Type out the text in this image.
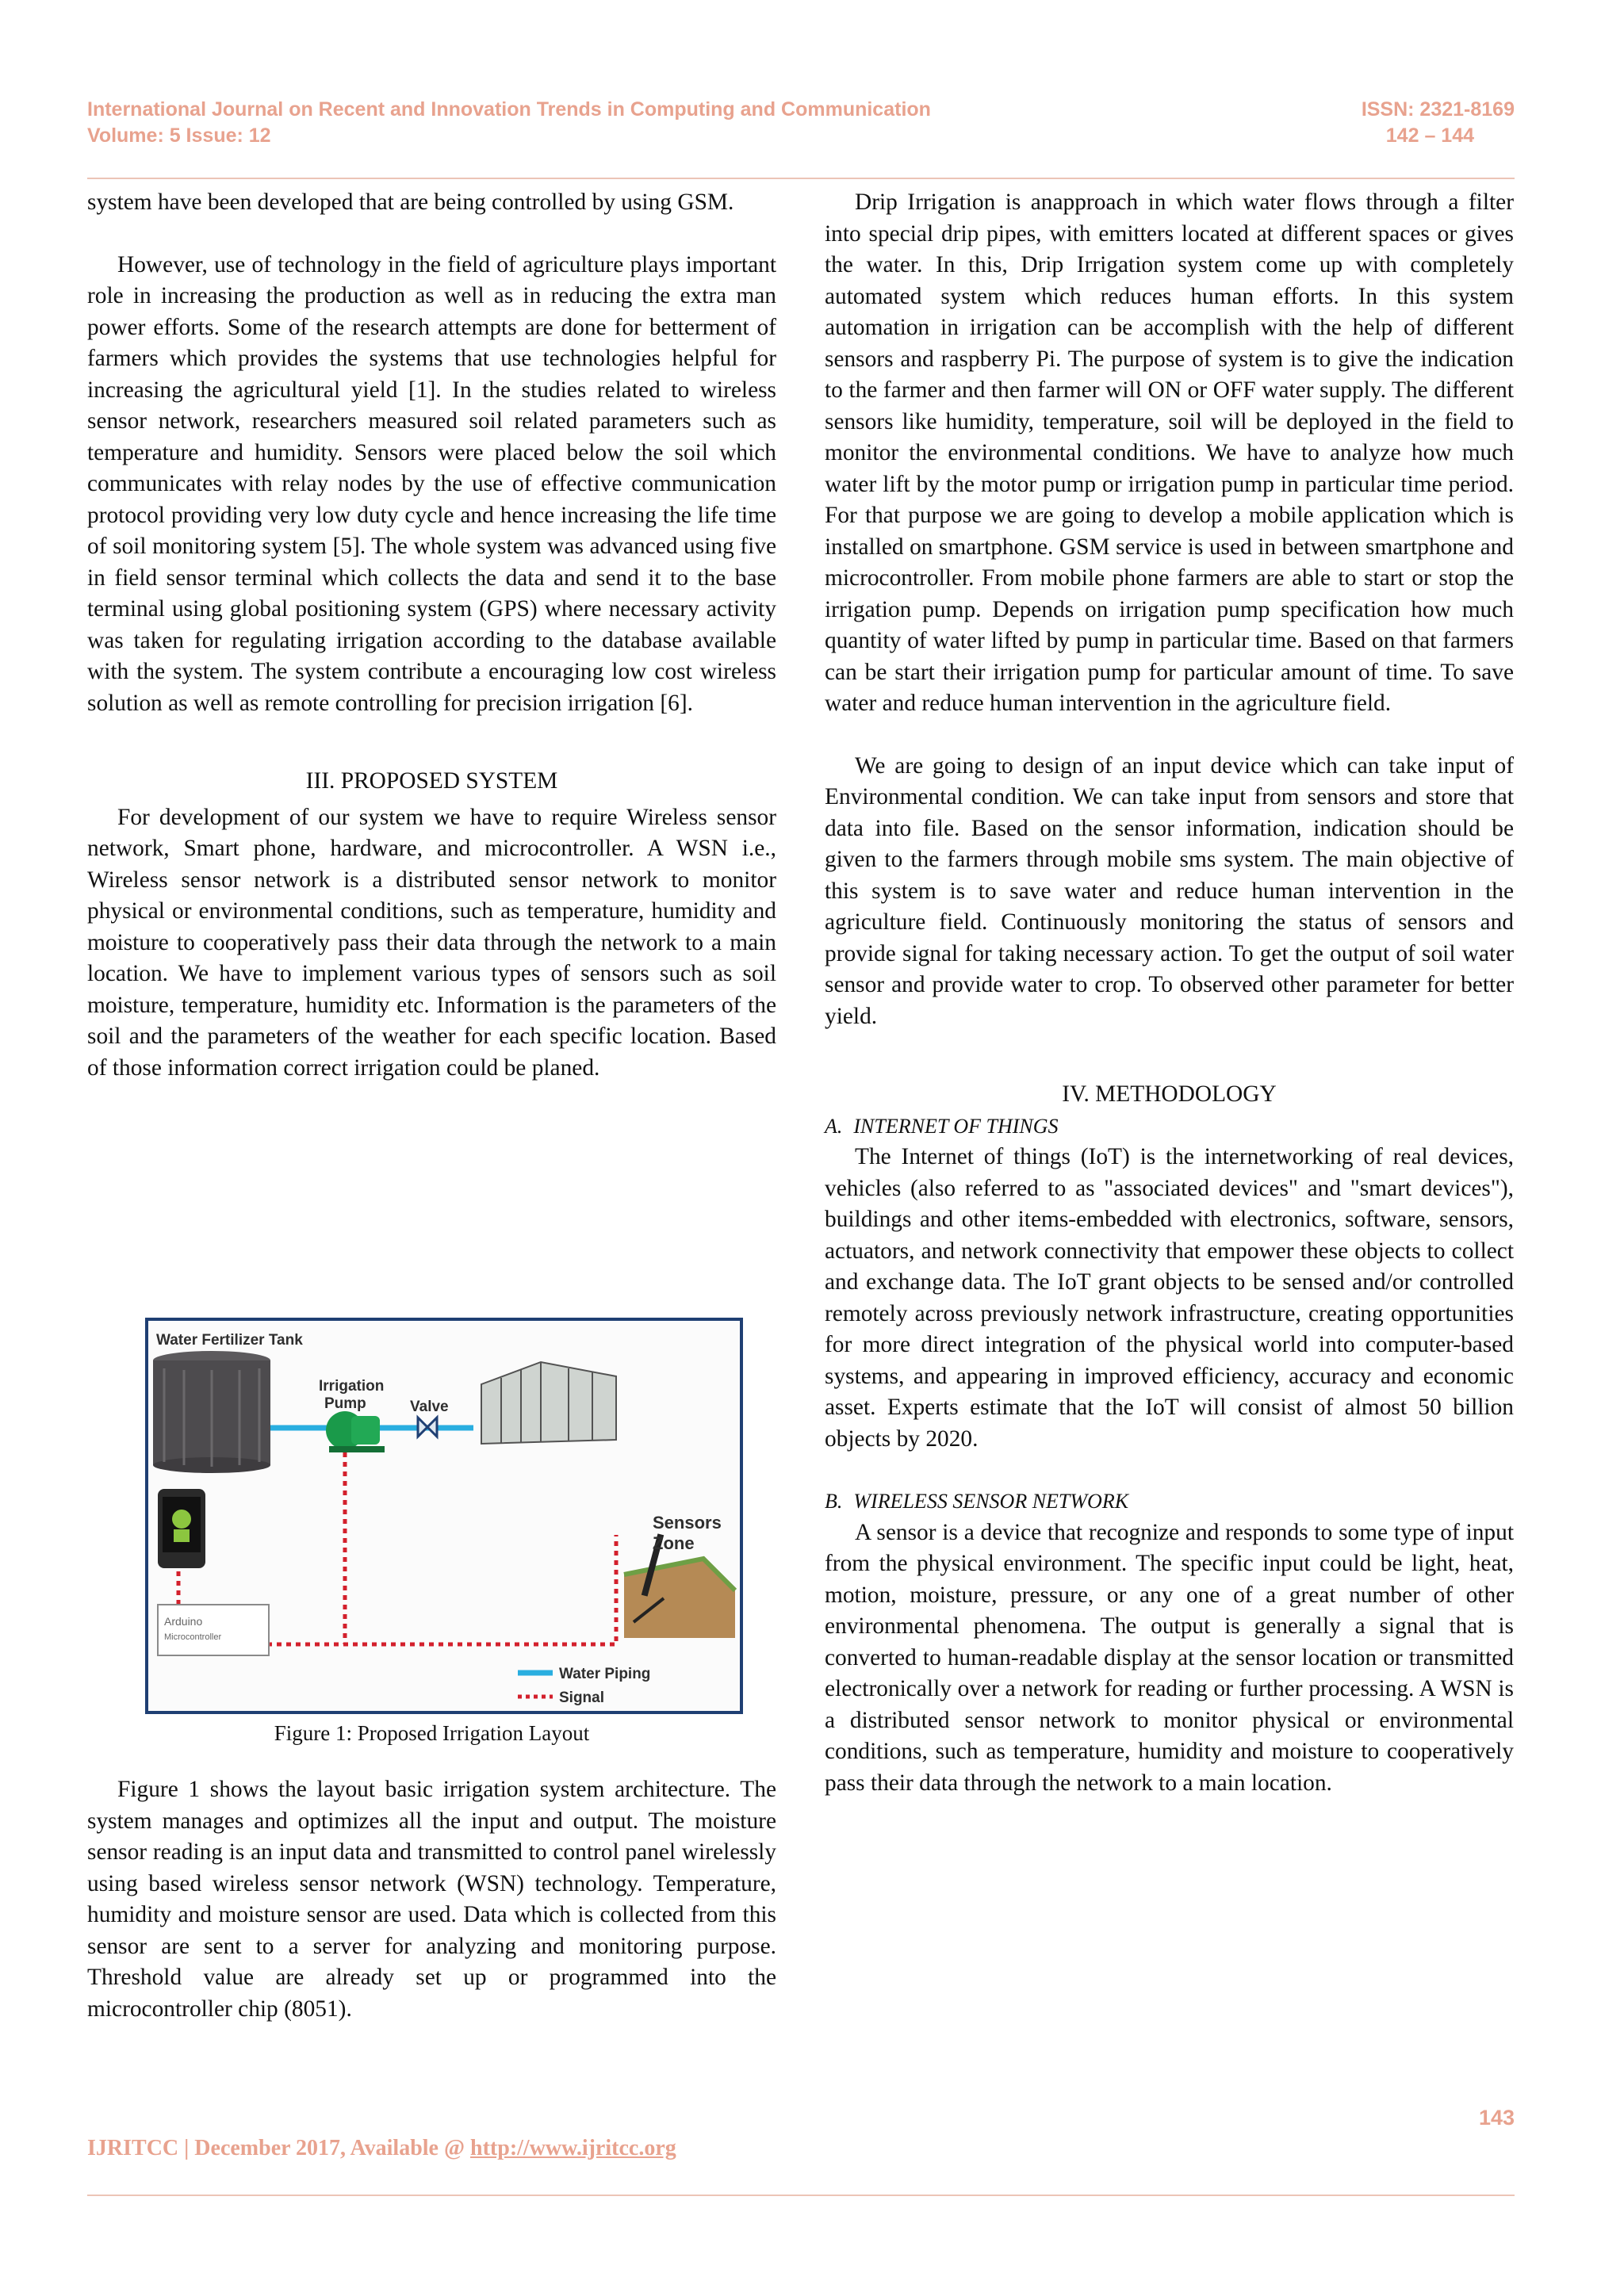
International Journal on Recent and Innovation Trends in Computing and Communication
Volume: 5 Issue: 12
ISSN: 2321-8169
142 – 144

system have been developed that are being controlled by using GSM.

However, use of technology in the field of agriculture plays important role in increasing the production as well as in reducing the extra man power efforts. Some of the research attempts are done for betterment of farmers which provides the systems that use technologies helpful for increasing the agricultural yield [1]. In the studies related to wireless sensor network, researchers measured soil related parameters such as temperature and humidity. Sensors were placed below the soil which communicates with relay nodes by the use of effective communication protocol providing very low duty cycle and hence increasing the life time of soil monitoring system [5]. The whole system was advanced using five in field sensor terminal which collects the data and send it to the base terminal using global positioning system (GPS) where necessary activity was taken for regulating irrigation according to the database available with the system. The system contribute a encouraging low cost wireless solution as well as remote controlling for precision irrigation [6].

III. PROPOSED SYSTEM

For development of our system we have to require Wireless sensor network, Smart phone, hardware, and microcontroller. A WSN i.e., Wireless sensor network is a distributed sensor network to monitor physical or environmental conditions, such as temperature, humidity and moisture to cooperatively pass their data through the network to a main location. We have to implement various types of sensors such as soil moisture, temperature, humidity etc. Information is the parameters of the soil and the parameters of the weather for each specific location. Based of those information correct irrigation could be planed.

Water Fertilizer Tank
Irrigation
Pump	Valve
Arduino
Microcontroller
Sensors
Zone
Water Piping
Signal
Figure 1: Proposed Irrigation Layout

Figure 1 shows the layout basic irrigation system architecture. The system manages and optimizes all the input and output. The moisture sensor reading is an input data and transmitted to control panel wirelessly using based wireless sensor network (WSN) technology. Temperature, humidity and moisture sensor are used. Data which is collected from this sensor are sent to a server for analyzing and monitoring purpose. Threshold value are already set up or programmed into the microcontroller chip (8051).

Drip Irrigation is anapproach in which water flows through a filter into special drip pipes, with emitters located at different spaces or gives the water. In this, Drip Irrigation system come up with completely automated system which reduces human efforts. In this system automation in irrigation can be accomplish with the help of different sensors and raspberry Pi. The purpose of system is to give the indication to the farmer and then farmer will ON or OFF water supply. The different sensors like humidity, temperature, soil will be deployed in the field to monitor the environmental conditions. We have to analyze how much water lift by the motor pump or irrigation pump in particular time period. For that purpose we are going to develop a mobile application which is installed on smartphone. GSM service is used in between smartphone and microcontroller. From mobile phone farmers are able to start or stop the irrigation pump. Depends on irrigation pump specification how much quantity of water lifted by pump in particular time. Based on that farmers can be start their irrigation pump for particular amount of time. To save water and reduce human intervention in the agriculture field.

We are going to design of an input device which can take input of Environmental condition. We can take input from sensors and store that data into file. Based on the sensor information, indication should be given to the farmers through mobile sms system. The main objective of this system is to save water and reduce human intervention in the agriculture field. Continuously monitoring the status of sensors and provide signal for taking necessary action. To get the output of soil water sensor and provide water to crop. To observed other parameter for better yield.

IV. METHODOLOGY
A. INTERNET OF THINGS

The Internet of things (IoT) is the internetworking of real devices, vehicles (also referred to as "associated devices" and "smart devices"), buildings and other items-embedded with electronics, software, sensors, actuators, and network connectivity that empower these objects to collect and exchange data. The IoT grant objects to be sensed and/or controlled remotely across previously network infrastructure, creating opportunities for more direct integration of the physical world into computer-based systems, and appearing in improved efficiency, accuracy and economic asset. Experts estimate that the IoT will consist of almost 50 billion objects by 2020.

B. WIRELESS SENSOR NETWORK

A sensor is a device that recognize and responds to some type of input from the physical environment. The specific input could be light, heat, motion, moisture, pressure, or any one of a great number of other environmental phenomena. The output is generally a signal that is converted to human-readable display at the sensor location or transmitted electronically over a network for reading or further processing. A WSN is a distributed sensor network to monitor physical or environmental conditions, such as temperature, humidity and moisture to cooperatively pass their data through the network to a main location.

143
IJRITCC | December 2017, Available @ http://www.ijritcc.org
